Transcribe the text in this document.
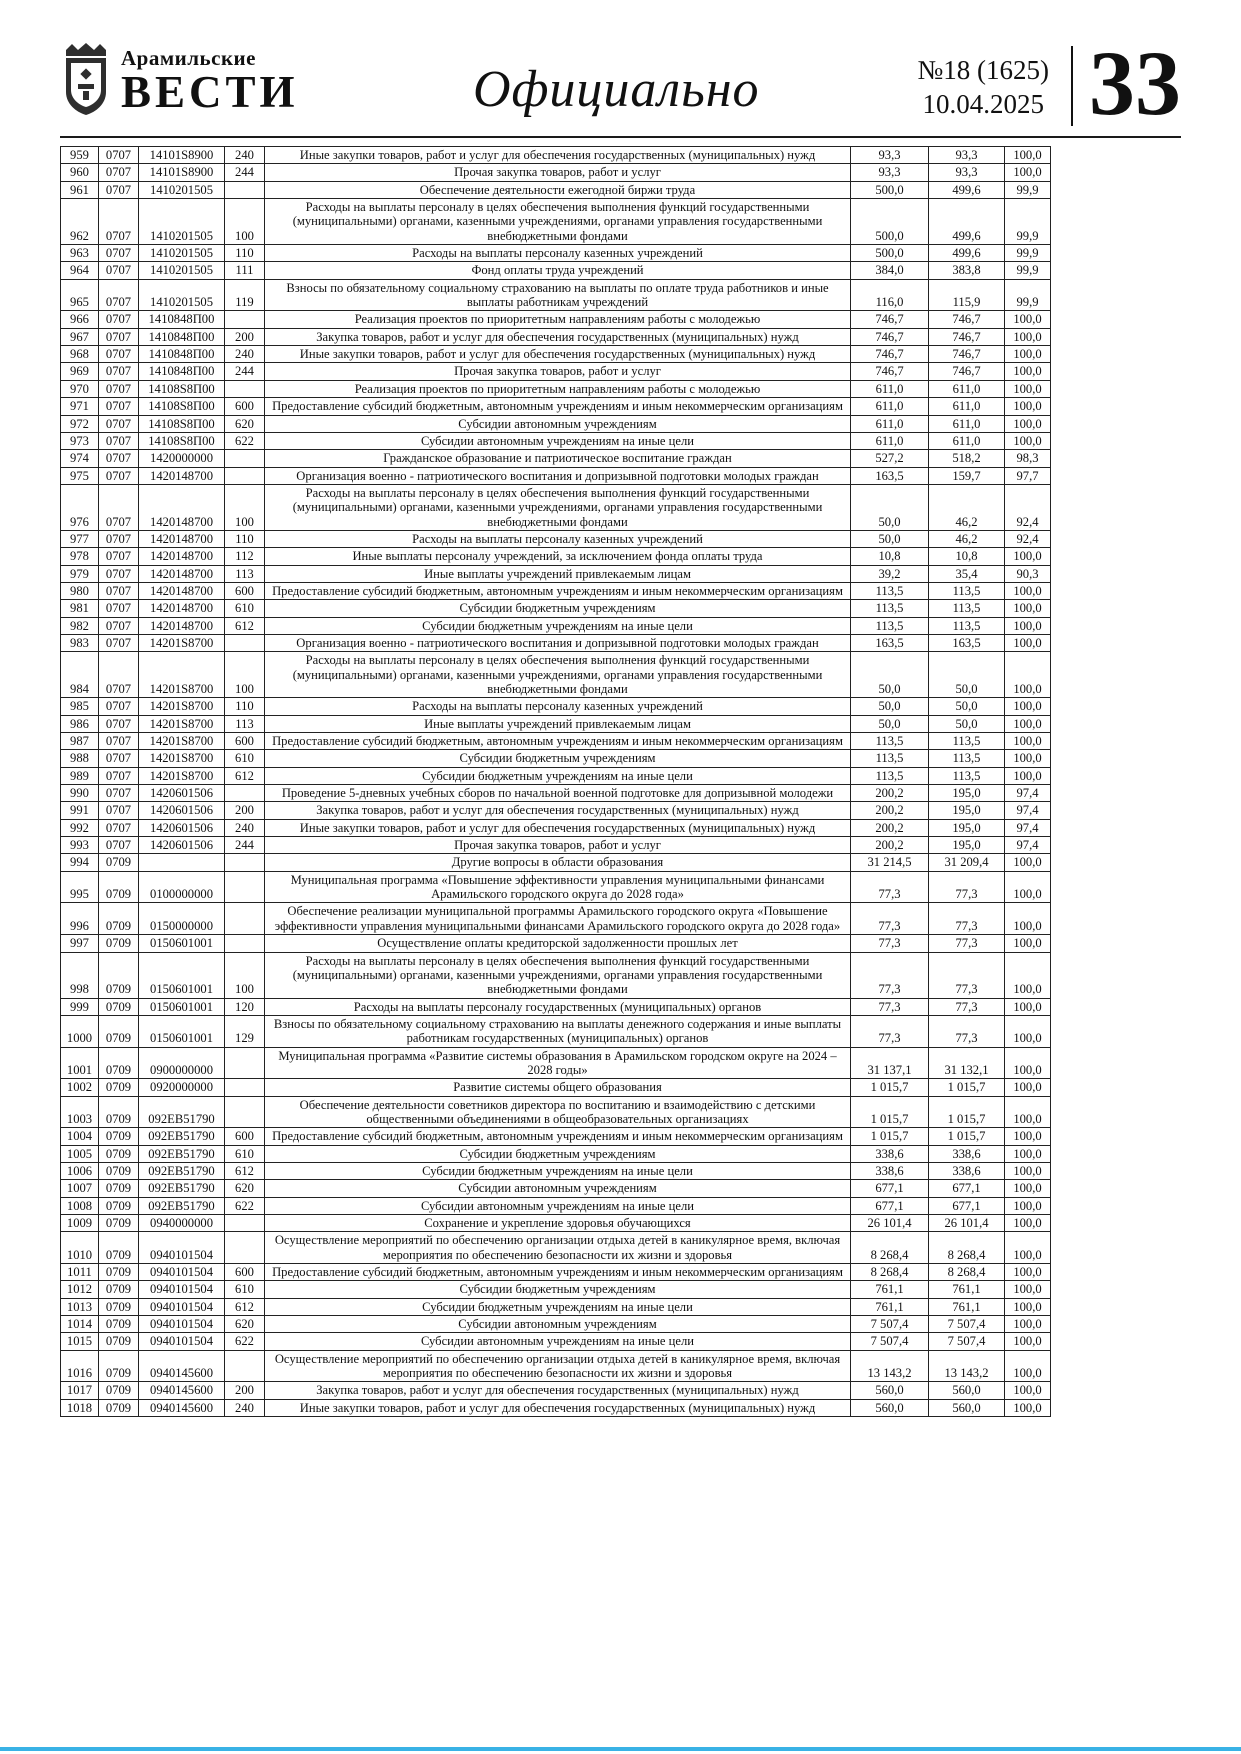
Арамильские
ВЕСТИ	Официально	№18 (1625)
10.04.2025 33
959	0707	14101S8900	240	Иные закупки товаров, работ и услуг для обеспечения государственных (муниципальных) нужд	93,3	93,3	100,0
960	0707	14101S8900	244	Прочая закупка товаров, работ и услуг	93,3	93,3	100,0
961	0707	1410201505		Обеспечение деятельности ежегодной биржи труда	500,0	499,6	99,9
962	0707	1410201505	100	Расходы на выплаты персоналу в целях обеспечения выполнения функций государственными (муниципальными) органами, казенными учреждениями, органами управления государственными внебюджетными фондами	500,0	499,6	99,9
963	0707	1410201505	110	Расходы на выплаты персоналу казенных учреждений	500,0	499,6	99,9
964	0707	1410201505	111	Фонд оплаты труда учреждений	384,0	383,8	99,9
965	0707	1410201505	119	Взносы по обязательному социальному страхованию на выплаты по оплате труда работников и иные выплаты работникам учреждений	116,0	115,9	99,9
966	0707	1410848П00		Реализация проектов по приоритетным направлениям работы с молодежью	746,7	746,7	100,0
967	0707	1410848П00	200	Закупка товаров, работ и услуг для обеспечения государственных (муниципальных) нужд	746,7	746,7	100,0
968	0707	1410848П00	240	Иные закупки товаров, работ и услуг для обеспечения государственных (муниципальных) нужд	746,7	746,7	100,0
969	0707	1410848П00	244	Прочая закупка товаров, работ и услуг	746,7	746,7	100,0
970	0707	14108S8П00		Реализация проектов по приоритетным направлениям работы с молодежью	611,0	611,0	100,0
971	0707	14108S8П00	600	Предоставление субсидий бюджетным, автономным учреждениям и иным некоммерческим организациям	611,0	611,0	100,0
972	0707	14108S8П00	620	Субсидии автономным учреждениям	611,0	611,0	100,0
973	0707	14108S8П00	622	Субсидии автономным учреждениям на иные цели	611,0	611,0	100,0
974	0707	1420000000		Гражданское образование и патриотическое воспитание граждан	527,2	518,2	98,3
975	0707	1420148700		Организация военно - патриотического воспитания и допризывной подготовки молодых граждан	163,5	159,7	97,7
976	0707	1420148700	100	Расходы на выплаты персоналу в целях обеспечения выполнения функций государственными (муниципальными) органами, казенными учреждениями, органами управления государственными внебюджетными фондами	50,0	46,2	92,4
977	0707	1420148700	110	Расходы на выплаты персоналу казенных учреждений	50,0	46,2	92,4
978	0707	1420148700	112	Иные выплаты персоналу учреждений, за исключением фонда оплаты труда	10,8	10,8	100,0
979	0707	1420148700	113	Иные выплаты учреждений привлекаемым лицам	39,2	35,4	90,3
980	0707	1420148700	600	Предоставление субсидий бюджетным, автономным учреждениям и иным некоммерческим организациям	113,5	113,5	100,0
981	0707	1420148700	610	Субсидии бюджетным учреждениям	113,5	113,5	100,0
982	0707	1420148700	612	Субсидии бюджетным учреждениям на иные цели	113,5	113,5	100,0
983	0707	14201S8700		Организация военно - патриотического воспитания и допризывной подготовки молодых граждан	163,5	163,5	100,0
984	0707	14201S8700	100	Расходы на выплаты персоналу в целях обеспечения выполнения функций государственными (муниципальными) органами, казенными учреждениями, органами управления государственными внебюджетными фондами	50,0	50,0	100,0
985	0707	14201S8700	110	Расходы на выплаты персоналу казенных учреждений	50,0	50,0	100,0
986	0707	14201S8700	113	Иные выплаты учреждений привлекаемым лицам	50,0	50,0	100,0
987	0707	14201S8700	600	Предоставление субсидий бюджетным, автономным учреждениям и иным некоммерческим организациям	113,5	113,5	100,0
988	0707	14201S8700	610	Субсидии бюджетным учреждениям	113,5	113,5	100,0
989	0707	14201S8700	612	Субсидии бюджетным учреждениям на иные цели	113,5	113,5	100,0
990	0707	1420601506		Проведение 5-дневных учебных сборов по начальной военной подготовке для допризывной молодежи	200,2	195,0	97,4
991	0707	1420601506	200	Закупка товаров, работ и услуг для обеспечения государственных (муниципальных) нужд	200,2	195,0	97,4
992	0707	1420601506	240	Иные закупки товаров, работ и услуг для обеспечения государственных (муниципальных) нужд	200,2	195,0	97,4
993	0707	1420601506	244	Прочая закупка товаров, работ и услуг	200,2	195,0	97,4
994	0709			Другие вопросы в области образования	31 214,5	31 209,4	100,0
995	0709	0100000000		Муниципальная программа «Повышение эффективности управления муниципальными финансами Арамильского городского округа до 2028 года»	77,3	77,3	100,0
996	0709	0150000000		Обеспечение реализации муниципальной программы Арамильского городского округа «Повышение эффективности управления муниципальными финансами Арамильского городского округа до 2028 года»	77,3	77,3	100,0
997	0709	0150601001		Осуществление оплаты кредиторской задолженности прошлых лет	77,3	77,3	100,0
998	0709	0150601001	100	Расходы на выплаты персоналу в целях обеспечения выполнения функций государственными (муниципальными) органами, казенными учреждениями, органами управления государственными внебюджетными фондами	77,3	77,3	100,0
999	0709	0150601001	120	Расходы на выплаты персоналу государственных (муниципальных) органов	77,3	77,3	100,0
1000	0709	0150601001	129	Взносы по обязательному социальному страхованию на выплаты денежного содержания и иные выплаты работникам государственных (муниципальных) органов	77,3	77,3	100,0
1001	0709	0900000000		Муниципальная программа «Развитие системы образования в Арамильском городском округе на 2024 – 2028 годы»	31 137,1	31 132,1	100,0
1002	0709	0920000000		Развитие системы общего образования	1 015,7	1 015,7	100,0
1003	0709	092EB51790		Обеспечение деятельности советников директора по воспитанию и взаимодействию с детскими общественными объединениями в общеобразовательных организациях	1 015,7	1 015,7	100,0
1004	0709	092EB51790	600	Предоставление субсидий бюджетным, автономным учреждениям и иным некоммерческим организациям	1 015,7	1 015,7	100,0
1005	0709	092EB51790	610	Субсидии бюджетным учреждениям	338,6	338,6	100,0
1006	0709	092EB51790	612	Субсидии бюджетным учреждениям на иные цели	338,6	338,6	100,0
1007	0709	092EB51790	620	Субсидии автономным учреждениям	677,1	677,1	100,0
1008	0709	092EB51790	622	Субсидии автономным учреждениям на иные цели	677,1	677,1	100,0
1009	0709	0940000000		Сохранение и укрепление здоровья обучающихся	26 101,4	26 101,4	100,0
1010	0709	0940101504		Осуществление мероприятий по обеспечению организации отдыха детей в каникулярное время, включая мероприятия по обеспечению безопасности их жизни и здоровья	8 268,4	8 268,4	100,0
1011	0709	0940101504	600	Предоставление субсидий бюджетным, автономным учреждениям и иным некоммерческим организациям	8 268,4	8 268,4	100,0
1012	0709	0940101504	610	Субсидии бюджетным учреждениям	761,1	761,1	100,0
1013	0709	0940101504	612	Субсидии бюджетным учреждениям на иные цели	761,1	761,1	100,0
1014	0709	0940101504	620	Субсидии автономным учреждениям	7 507,4	7 507,4	100,0
1015	0709	0940101504	622	Субсидии автономным учреждениям на иные цели	7 507,4	7 507,4	100,0
1016	0709	0940145600		Осуществление мероприятий по обеспечению организации отдыха детей в каникулярное время, включая мероприятия по обеспечению безопасности их жизни и здоровья	13 143,2	13 143,2	100,0
1017	0709	0940145600	200	Закупка товаров, работ и услуг для обеспечения государственных (муниципальных) нужд	560,0	560,0	100,0
1018	0709	0940145600	240	Иные закупки товаров, работ и услуг для обеспечения государственных (муниципальных) нужд	560,0	560,0	100,0
